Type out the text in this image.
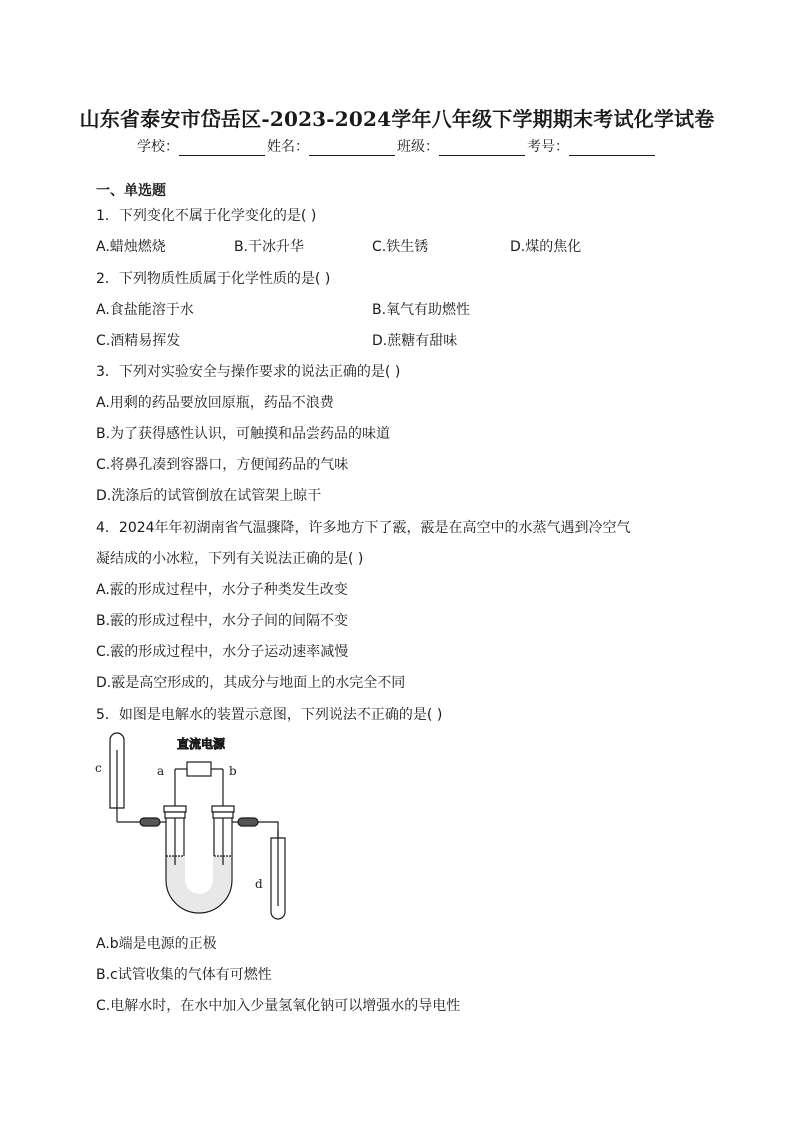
山东省泰安市岱岳区-2023-2024学年八年级下学期期末考试化学试卷
学校：	姓名：	班级：	考号：
一、单选题
1．下列变化不属于化学变化的是( )
A.蜡烛燃烧	B.干冰升华	C.铁生锈	D.煤的焦化
2．下列物质性质属于化学性质的是( )
A.食盐能溶于水	B.氧气有助燃性
C.酒精易挥发	D.蔗糖有甜味
3．下列对实验安全与操作要求的说法正确的是( )
A.用剩的药品要放回原瓶，药品不浪费
B.为了获得感性认识，可触摸和品尝药品的味道
C.将鼻孔凑到容器口，方便闻药品的气味
D.洗涤后的试管倒放在试管架上晾干
4．2024年年初湖南省气温骤降，许多地方下了霰，霰是在高空中的水蒸气遇到冷空气
凝结成的小冰粒，下列有关说法正确的是( )
A.霰的形成过程中，水分子种类发生改变
B.霰的形成过程中，水分子间的间隔不变
C.霰的形成过程中，水分子运动速率减慢
D.霰是高空形成的，其成分与地面上的水完全不同
5．如图是电解水的装置示意图，下列说法不正确的是( )
直流电源
a	b
c
d
A.b端是电源的正极
B.c试管收集的气体有可燃性
C.电解水时，在水中加入少量氢氧化钠可以增强水的导电性
